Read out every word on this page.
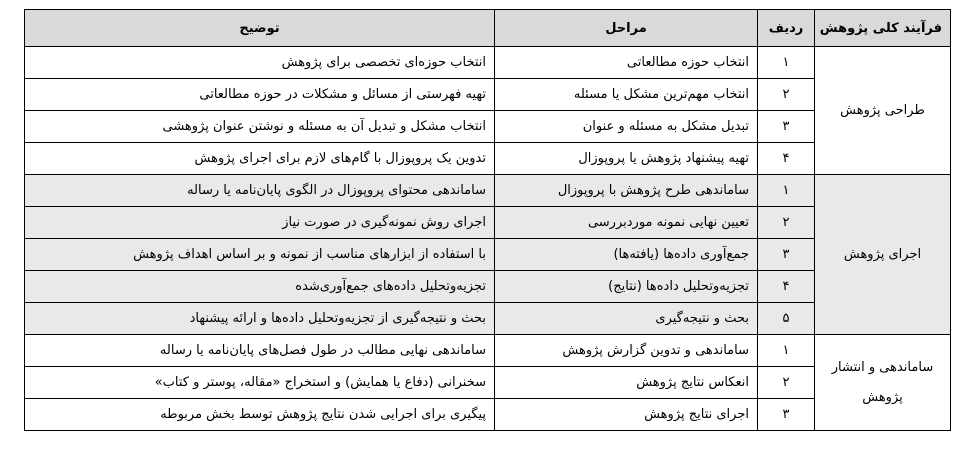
فرآیند کلی پژوهش	ردیف	مراحل	توضیح

طراحی پژوهش	۱	انتخاب حوزه مطالعاتی	انتخاب حوزه‌ای تخصصی برای پژوهش
	۲	انتخاب مهم‌ترین مشکل یا مسئله	تهیه فهرستی از مسائل و مشکلات در حوزه مطالعاتی
	۳	تبدیل مشکل به مسئله و عنوان	انتخاب مشکل و تبدیل آن به مسئله و نوشتن عنوان پژوهشی
	۴	تهیه پیشنهاد پژوهش یا پروپوزال	تدوین یک پروپوزال با گام‌های لازم برای اجرای پژوهش

اجرای پژوهش	۱	ساماندهی طرح پژوهش با پروپوزال	ساماندهی محتوای پروپوزال در الگوی پایان‌نامه یا رساله
	۲	تعیین نهایی نمونه موردبررسی	اجرای روش نمونه‌گیری در صورت نیاز
	۳	جمع‌آوری داده‌ها (یافته‌ها)	با استفاده از ابزارهای مناسب از نمونه و بر اساس اهداف پژوهش
	۴	تجزیه‌وتحلیل داده‌ها (نتایج)	تجزیه‌وتحلیل داده‌های جمع‌آوری‌شده
	۵	بحث و نتیجه‌گیری	بحث و نتیجه‌گیری از تجزیه‌وتحلیل داده‌ها و ارائه پیشنهاد

ساماندهی و انتشار پژوهش	۱	ساماندهی و تدوین گزارش پژوهش	ساماندهی نهایی مطالب در طول فصل‌های پایان‌نامه یا رساله
	۲	انعکاس نتایج پژوهش	سخنرانی (دفاع یا همایش) و استخراج «مقاله، پوستر و کتاب»
	۳	اجرای نتایج پژوهش	پیگیری برای اجرایی شدن نتایج پژوهش توسط بخش مربوطه
